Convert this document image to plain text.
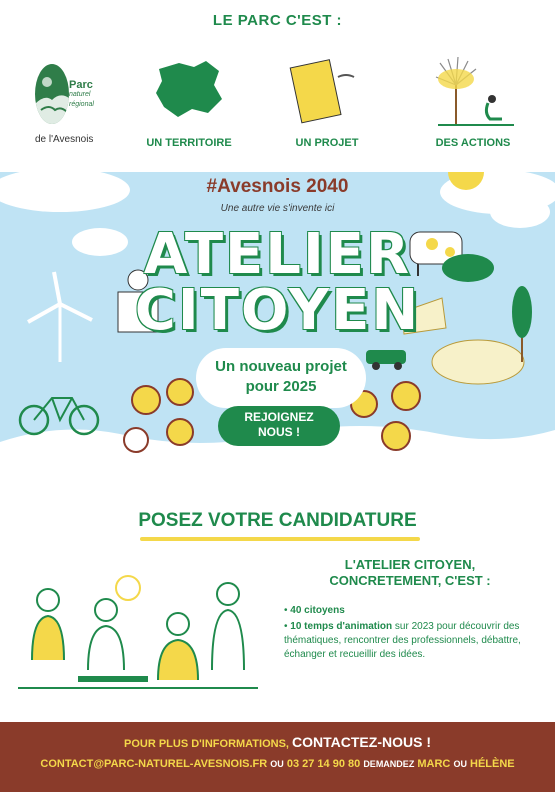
LE PARC C'EST :
Parc
naturel
régional
de l'Avesnois	UN TERRITOIRE	UN PROJET	DES ACTIONS
#Avesnois 2040
Une autre vie s'invente ici
ATELIER
CITOYEN
Un nouveau projet
pour 2025
REJOIGNEZ
NOUS !
POSEZ VOTRE CANDIDATURE
L'ATELIER CITOYEN,
CONCRETEMENT, C'EST :
• 40 citoyens
• 10 temps d'animation sur 2023 pour découvrir des thématiques, rencontrer des professionnels, débattre, échanger et recueillir des idées.
POUR PLUS D'INFORMATIONS, CONTACTEZ-NOUS !
CONTACT@PARC-NATUREL-AVESNOIS.FR OU 03 27 14 90 80 DEMANDEZ MARC OU HÉLÈNE
